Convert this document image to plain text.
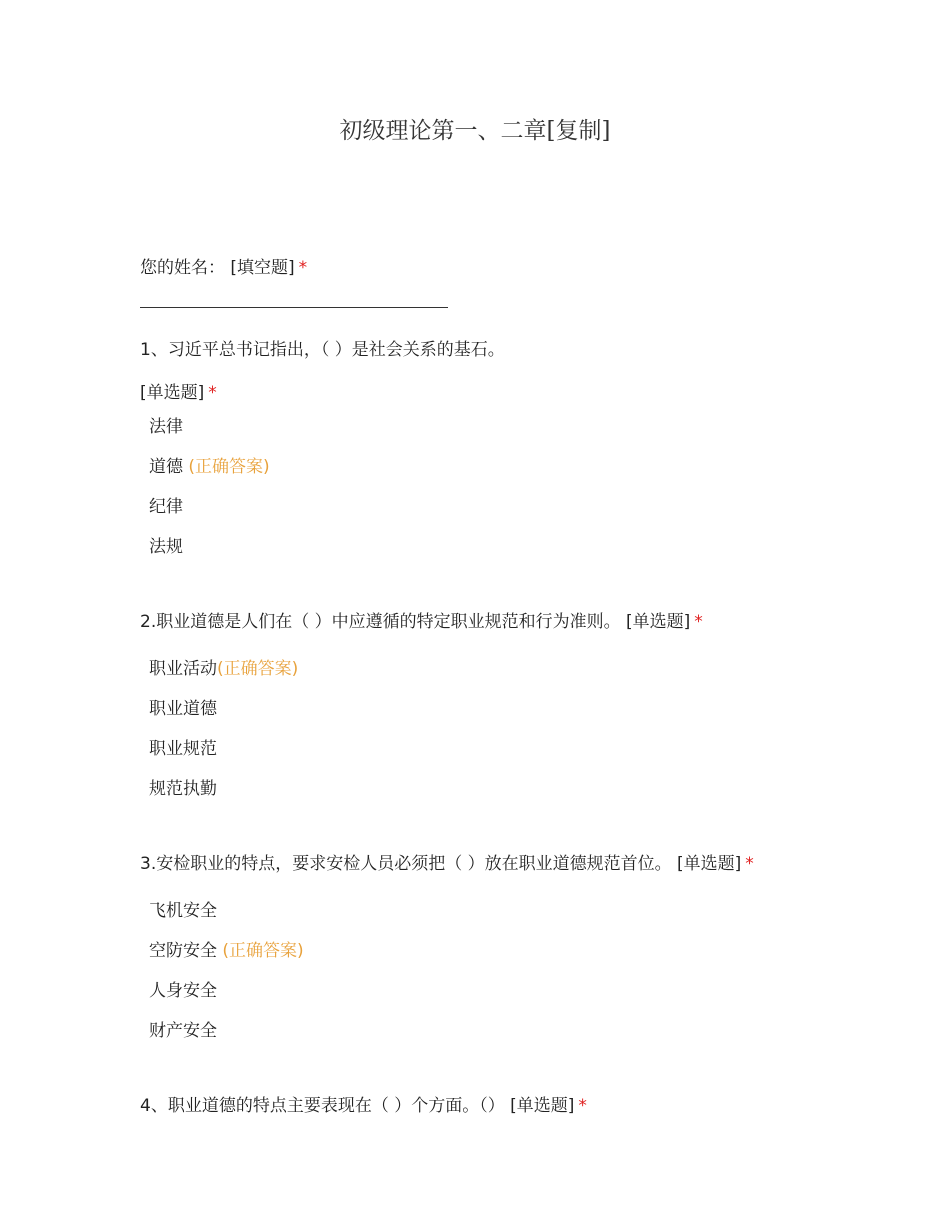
初级理论第一、二章[复制]
您的姓名： [填空题] *
1、习近平总书记指出，（ ）是社会关系的基石。
[单选题] *
法律
道德 (正确答案)
纪律
法规
2.职业道德是人们在（ ）中应遵循的特定职业规范和行为准则。 [单选题] *
职业活动(正确答案)
职业道德
职业规范
规范执勤
3.安检职业的特点，要求安检人员必须把（ ）放在职业道德规范首位。 [单选题] *
飞机安全
空防安全 (正确答案)
人身安全
财产安全
4、职业道德的特点主要表现在（ ）个方面。（） [单选题] *
